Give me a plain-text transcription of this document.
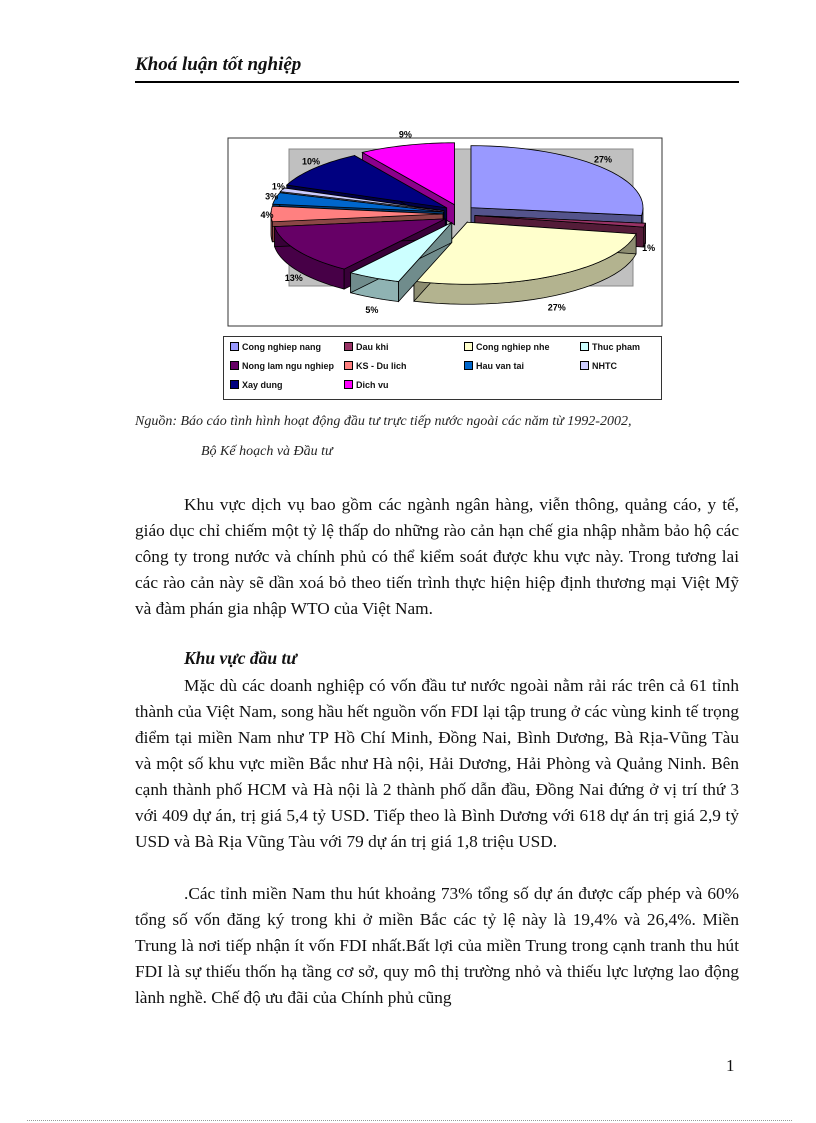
Khoá luận tốt nghiệp
27%
1%
27%
5%
13%
4%
3%
1%
10%
9%
Cong nghiep nang	Dau khi	Cong nghiep nhe	Thuc pham
Nong lam ngu nghiep	KS - Du lich	Hau van tai	NHTC
Xay dung	Dich vu
Nguồn: Báo cáo tình hình hoạt động đầu tư trực tiếp nước ngoài các năm từ 1992-2002,
Bộ Kế hoạch và Đầu tư
Khu vực dịch vụ bao gồm các ngành ngân hàng, viễn thông, quảng cáo, y tế, giáo dục chỉ chiếm một tỷ lệ thấp do những rào cản hạn chế gia nhập nhằm bảo hộ các công ty trong nước và chính phủ có thể kiểm soát được khu vực này. Trong tương lai các rào cản này sẽ dần xoá bỏ theo tiến trình thực hiện hiệp định thương mại Việt Mỹ và đàm phán gia nhập WTO của Việt Nam.
Khu vực đầu tư
Mặc dù các doanh nghiệp có vốn đầu tư nước ngoài nằm rải rác trên cả 61 tỉnh thành của Việt Nam, song hầu hết nguồn vốn FDI lại tập trung ở các vùng kinh tế trọng điểm tại miền Nam như TP Hồ Chí Minh, Đồng Nai, Bình Dương, Bà Rịa-Vũng Tàu và một số khu vực miền Bắc như Hà nội, Hải Dương, Hải Phòng và Quảng Ninh. Bên cạnh thành phố HCM và Hà nội là 2 thành phố dẫn đầu, Đồng Nai đứng ở vị trí thứ 3 với 409 dự án, trị giá 5,4 tỷ USD. Tiếp theo là Bình Dương với 618 dự án trị giá 2,9 tỷ USD và Bà Rịa Vũng Tàu với 79 dự án trị giá 1,8 triệu USD.
.Các tỉnh miền Nam thu hút khoảng 73% tổng số dự án được cấp phép và 60% tổng số vốn đăng ký trong khi ở miền Bắc các tỷ lệ này là 19,4% và 26,4%. Miền Trung là nơi tiếp nhận ít vốn FDI nhất.Bất lợi của miền Trung trong cạnh tranh thu hút FDI là sự thiếu thốn hạ tầng cơ sở, quy mô thị trường nhỏ và thiếu lực lượng lao động lành nghề. Chế độ ưu đãi của Chính phủ cũng
1
